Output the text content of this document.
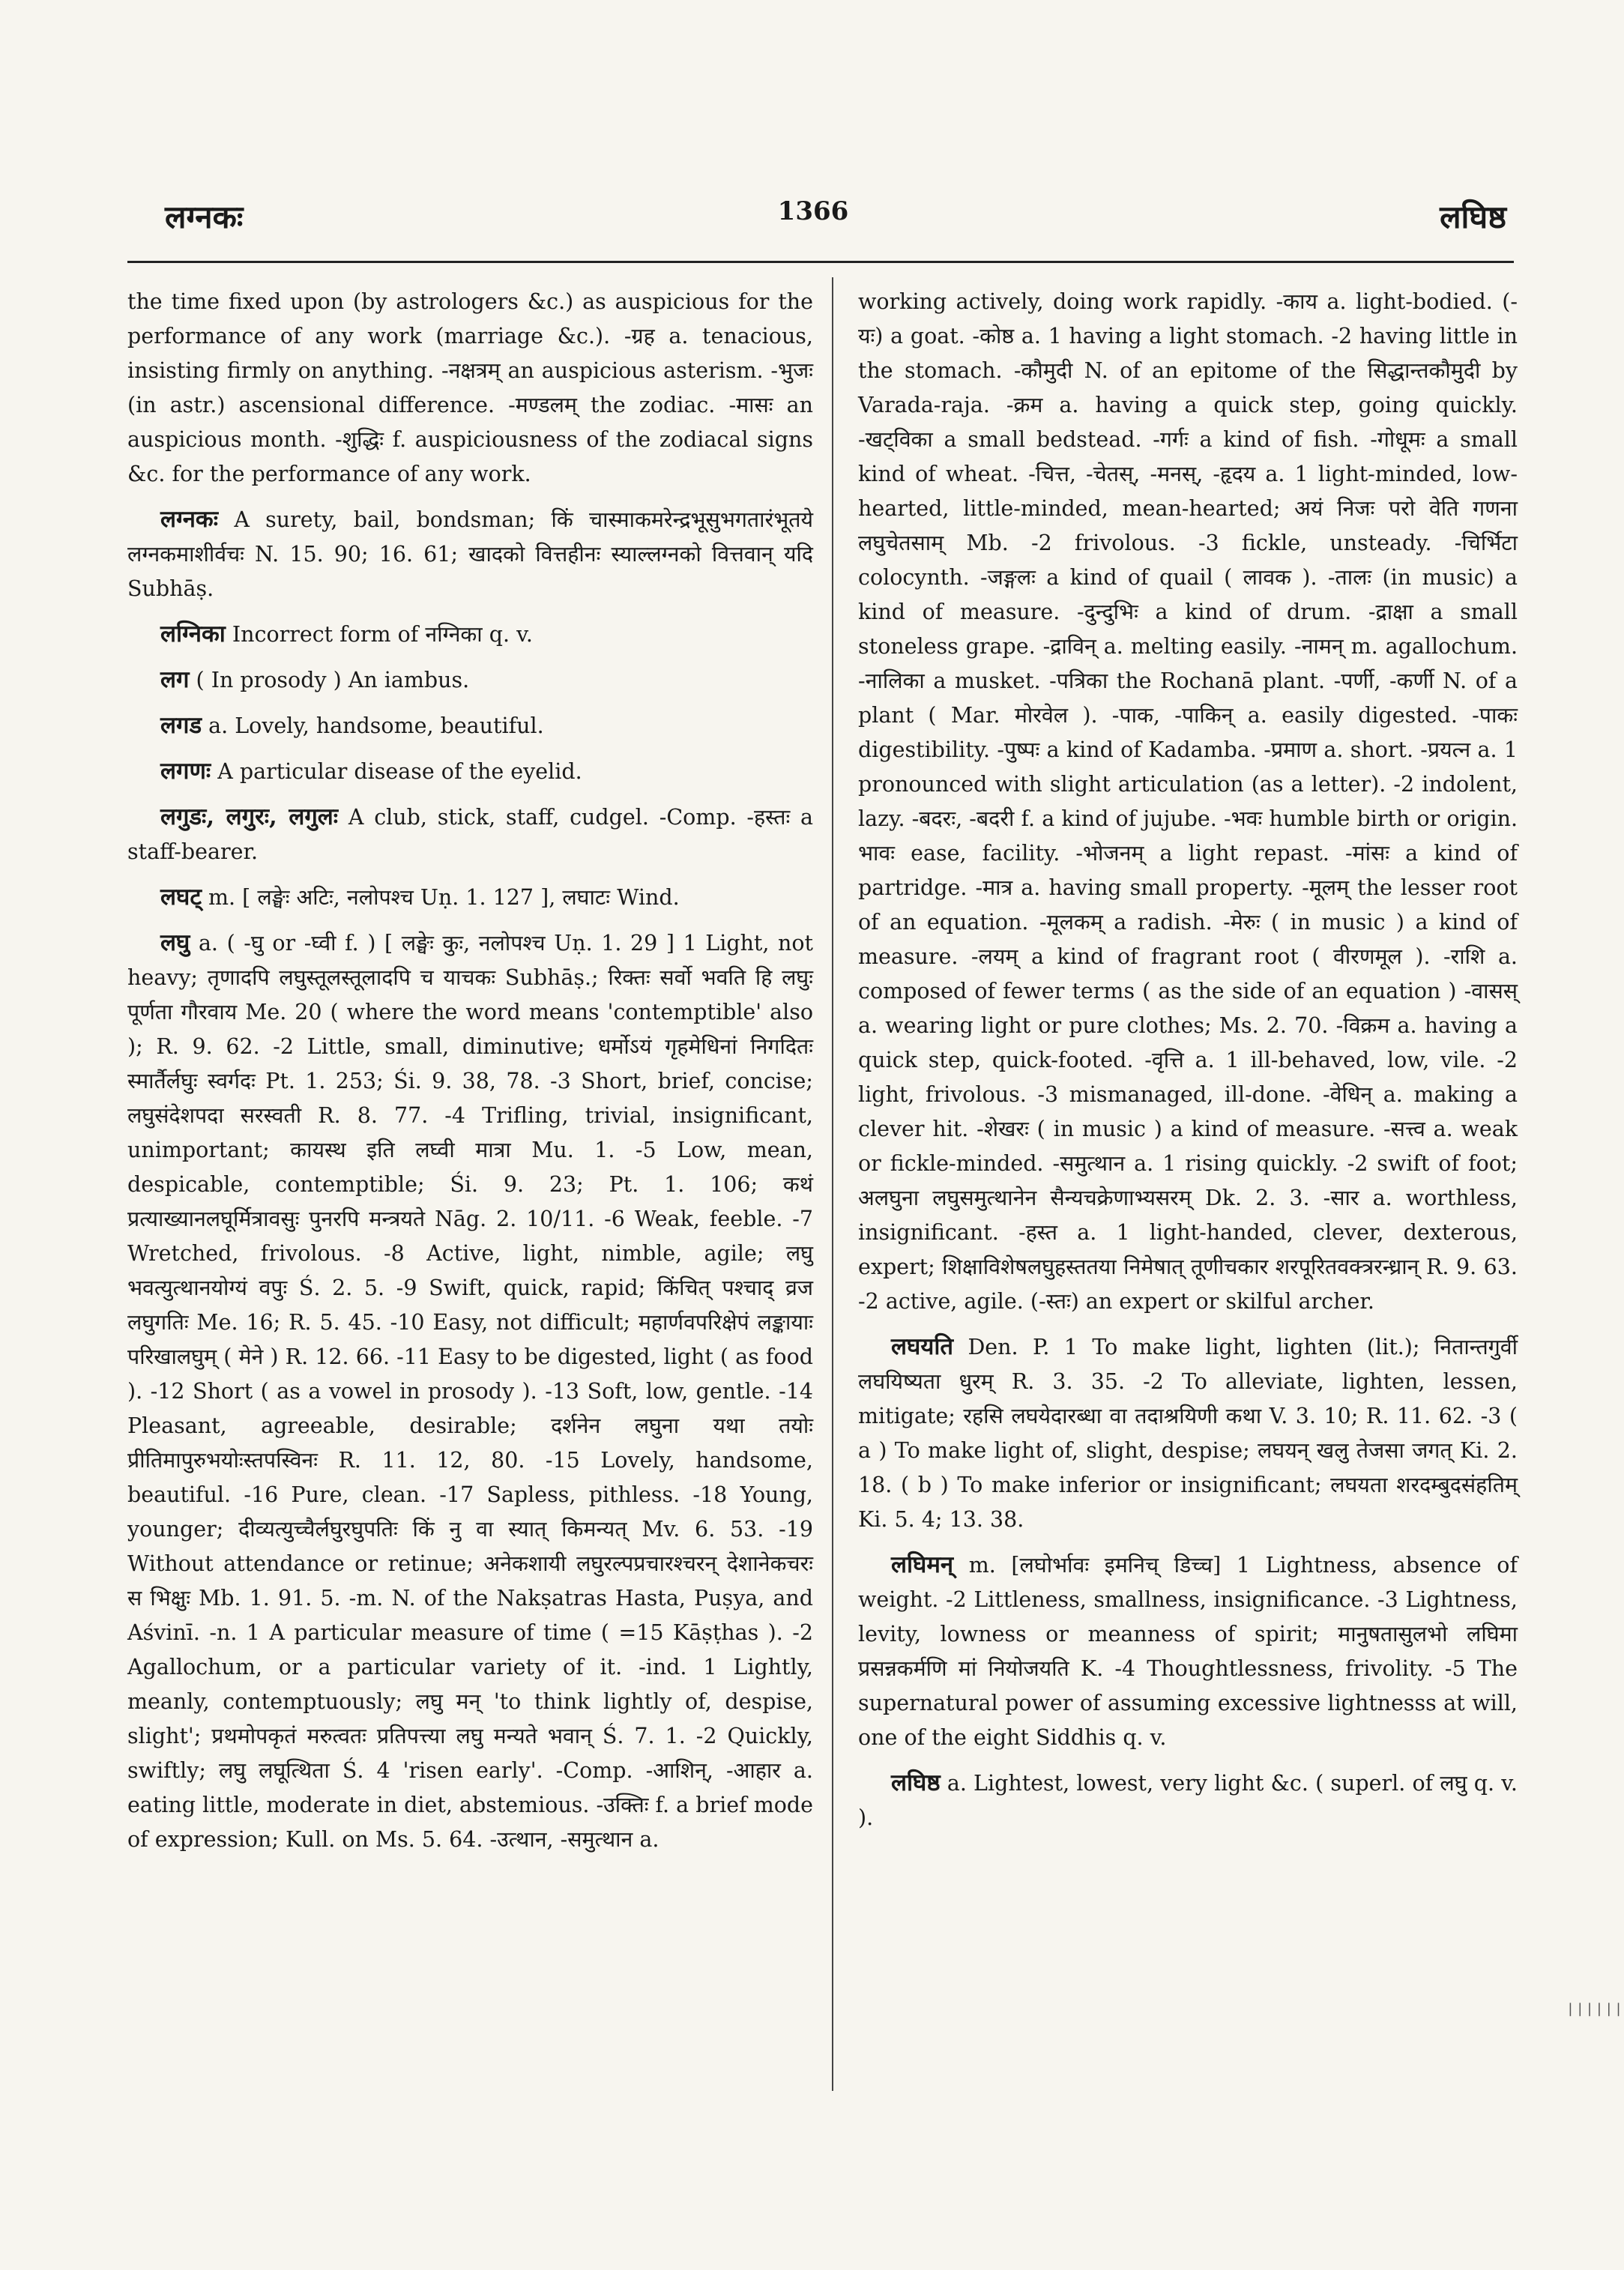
लग्नकः	1366	लघिष्ठ

the time fixed upon (by astrologers &c.) as auspicious for the performance of any work (marriage &c.). -ग्रह a. tenacious, insisting firmly on anything. -नक्षत्रम् an auspicious asterism. -भुजः (in astr.) ascensional difference. -मण्डलम् the zodiac. -मासः an auspicious month. -शुद्धिः f. auspiciousness of the zodiacal signs &c. for the performance of any work.

लग्नकः A surety, bail, bondsman; किं चास्माकमरेन्द्रभूसुभगतारंभूतये लग्नकमाशीर्वचः N. 15. 90; 16. 61; खादको वित्तहीनः स्याल्लग्नको वित्तवान् यदि Subhāṣ.

लग्निका Incorrect form of नग्निका q. v.

लग ( In prosody ) An iambus.

लगड a. Lovely, handsome, beautiful.

लगणः A particular disease of the eyelid.

लगुडः, लगुरः, लगुलः A club, stick, staff, cudgel. -Comp. -हस्तः a staff-bearer.

लघट् m. [ लङ्घेः अटिः, नलोपश्च Uṇ. 1. 127 ], लघाटः Wind.

लघु a. ( -घु or -घ्वी f. ) [ लङ्घेः कुः, नलोपश्च Uṇ. 1. 29 ] 1 Light, not heavy; तृणादपि लघुस्तूलस्तूलादपि च याचकः Subhāṣ.; रिक्तः सर्वो भवति हि लघुः पूर्णता गौरवाय Me. 20 ( where the word means 'contemptible' also ); R. 9. 62. -2 Little, small, diminutive; धर्मोऽयं गृहमेधिनां निगदितः स्मार्तैर्लघुः स्वर्गदः Pt. 1. 253; Śi. 9. 38, 78. -3 Short, brief, concise; लघुसंदेशपदा सरस्वती R. 8. 77. -4 Trifling, trivial, insignificant, unimportant; कायस्थ इति लघ्वी मात्रा Mu. 1. -5 Low, mean, despicable, contemptible; Śi. 9. 23; Pt. 1. 106; कथं प्रत्याख्यानलघूर्मित्रावसुः पुनरपि मन्त्रयते Nāg. 2. 10/11. -6 Weak, feeble. -7 Wretched, frivolous. -8 Active, light, nimble, agile; लघु भवत्युत्थानयोग्यं वपुः Ś. 2. 5. -9 Swift, quick, rapid; किंचित् पश्चाद् व्रज लघुगतिः Me. 16; R. 5. 45. -10 Easy, not difficult; महार्णवपरिक्षेपं लङ्कायाः परिखालघुम् ( मेने ) R. 12. 66. -11 Easy to be digested, light ( as food ). -12 Short ( as a vowel in prosody ). -13 Soft, low, gentle. -14 Pleasant, agreeable, desirable; दर्शनेन लघुना यथा तयोः प्रीतिमापुरुभयोःस्तपस्विनः R. 11. 12, 80. -15 Lovely, handsome, beautiful. -16 Pure, clean. -17 Sapless, pithless. -18 Young, younger; दीव्यत्युच्चैर्लघुरघुपतिः किं नु वा स्यात् किमन्यत् Mv. 6. 53. -19 Without attendance or retinue; अनेकशायी लघुरल्पप्रचारश्चरन् देशानेकचरः स भिक्षुः Mb. 1. 91. 5. -m. N. of the Nakṣatras Hasta, Puṣya, and Aśvinī. -n. 1 A particular measure of time ( =15 Kāṣṭhas ). -2 Agallochum, or a particular variety of it. -ind. 1 Lightly, meanly, contemptuously; लघु मन् 'to think lightly of, despise, slight'; प्रथमोपकृतं मरुत्वतः प्रतिपत्त्या लघु मन्यते भवान् Ś. 7. 1. -2 Quickly, swiftly; लघु लघूत्थिता Ś. 4 'risen early'. -Comp. -आशिन्, -आहार a. eating little, moderate in diet, abstemious. -उक्तिः f. a brief mode of expression; Kull. on Ms. 5. 64. -उत्थान, -समुत्थान a.

working actively, doing work rapidly. -काय a. light-bodied. (-यः) a goat. -कोष्ठ a. 1 having a light stomach. -2 having little in the stomach. -कौमुदी N. of an epitome of the सिद्धान्तकौमुदी by Varada-raja. -क्रम a. having a quick step, going quickly. -खट्विका a small bedstead. -गर्गः a kind of fish. -गोधूमः a small kind of wheat. -चित्त, -चेतस्, -मनस्, -हृदय a. 1 light-minded, low-hearted, little-minded, mean-hearted; अयं निजः परो वेति गणना लघुचेतसाम् Mb. -2 frivolous. -3 fickle, unsteady. -चिर्भिटा colocynth. -जङ्गलः a kind of quail ( लावक ). -तालः (in music) a kind of measure. -दुन्दुभिः a kind of drum. -द्राक्षा a small stoneless grape. -द्राविन् a. melting easily. -नामन् m. agallochum. -नालिका a musket. -पत्रिका the Rochanā plant. -पर्णी, -कर्णी N. of a plant ( Mar. मोरवेल ). -पाक, -पाकिन् a. easily digested. -पाकः digestibility. -पुष्पः a kind of Kadamba. -प्रमाण a. short. -प्रयत्न a. 1 pronounced with slight articulation (as a letter). -2 indolent, lazy. -बदरः, -बदरी f. a kind of jujube. -भवः humble birth or origin. भावः ease, facility. -भोजनम् a light repast. -मांसः a kind of partridge. -मात्र a. having small property. -मूलम् the lesser root of an equation. -मूलकम् a radish. -मेरुः ( in music ) a kind of measure. -लयम् a kind of fragrant root ( वीरणमूल ). -राशि a. composed of fewer terms ( as the side of an equation ) -वासस् a. wearing light or pure clothes; Ms. 2. 70. -विक्रम a. having a quick step, quick-footed. -वृत्ति a. 1 ill-behaved, low, vile. -2 light, frivolous. -3 mismanaged, ill-done. -वेधिन् a. making a clever hit. -शेखरः ( in music ) a kind of measure. -सत्त्व a. weak or fickle-minded. -समुत्थान a. 1 rising quickly. -2 swift of foot; अलघुना लघुसमुत्थानेन सैन्यचक्रेणाभ्यसरम् Dk. 2. 3. -सार a. worthless, insignificant. -हस्त a. 1 light-handed, clever, dexterous, expert; शिक्षाविशेषलघुहस्ततया निमेषात् तूणीचकार शरपूरितवक्त्ररन्ध्रान् R. 9. 63. -2 active, agile. (-स्तः) an expert or skilful archer.

लघयति Den. P. 1 To make light, lighten (lit.); नितान्तगुर्वी लघयिष्यता धुरम् R. 3. 35. -2 To alleviate, lighten, lessen, mitigate; रहसि लघयेदारब्धा वा तदाश्रयिणी कथा V. 3. 10; R. 11. 62. -3 ( a ) To make light of, slight, despise; लघयन् खलु तेजसा जगत् Ki. 2. 18. ( b ) To make inferior or insignificant; लघयता शरदम्बुदसंहतिम् Ki. 5. 4; 13. 38.

लघिमन् m. [लघोर्भावः इमनिच् डिच्च] 1 Lightness, absence of weight. -2 Littleness, smallness, insignificance. -3 Lightness, levity, lowness or meanness of spirit; मानुषतासुलभो लघिमा प्रसन्नकर्मणि मां नियोजयति K. -4 Thoughtlessness, frivolity. -5 The supernatural power of assuming excessive lightnesss at will, one of the eight Siddhis q. v.

लघिष्ठ a. Lightest, lowest, very light &c. ( superl. of लघु q. v. ).

||||||
